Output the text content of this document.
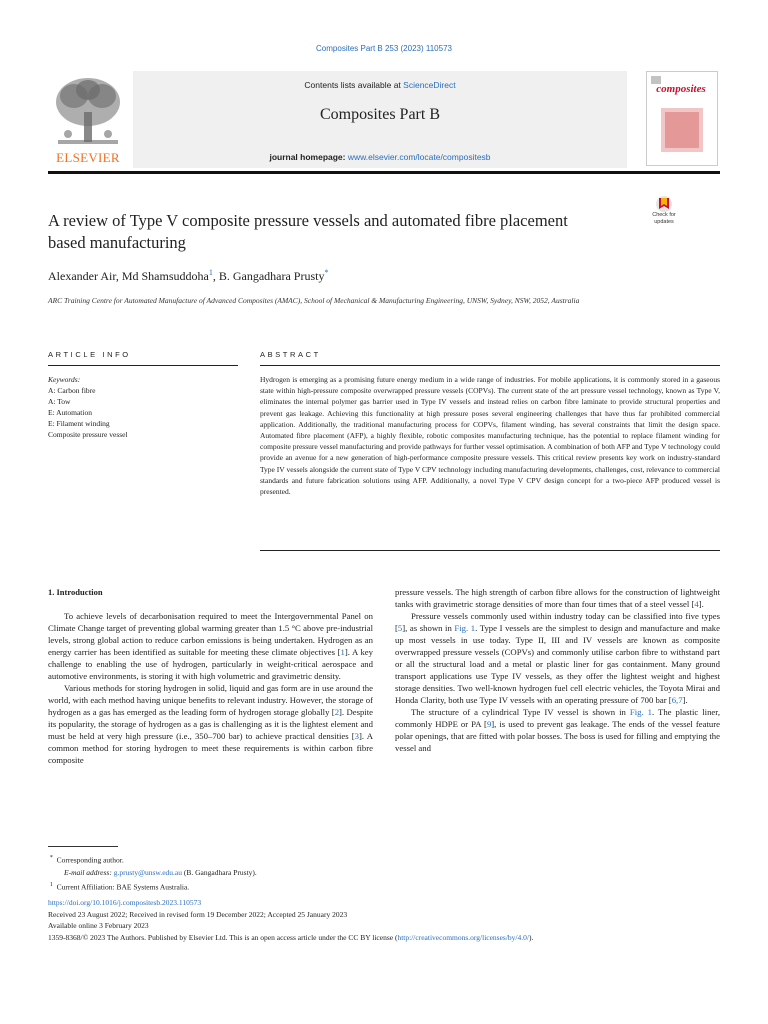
Composites Part B 253 (2023) 110573
ELSEVIER
Contents lists available at ScienceDirect
Composites Part B
journal homepage: www.elsevier.com/locate/compositesb
composites
Check for updates
A review of Type V composite pressure vessels and automated fibre placement based manufacturing
Alexander Air, Md Shamsuddoha$^1$, B. Gangadhara Prusty*
ARC Training Centre for Automated Manufacture of Advanced Composites (AMAC), School of Mechanical & Manufacturing Engineering, UNSW, Sydney, NSW, 2052, Australia
ARTICLE INFO
Keywords:
A: Carbon fibre
A: Tow
E: Automation
E: Filament winding
Composite pressure vessel
ABSTRACT
Hydrogen is emerging as a promising future energy medium in a wide range of industries. For mobile applications, it is commonly stored in a gaseous state within high-pressure composite overwrapped pressure vessels (COPVs). The current state of the art pressure vessel technology, known as Type V, eliminates the internal polymer gas barrier used in Type IV vessels and instead relies on carbon fibre laminate to provide structural properties and prevent gas leakage. Achieving this functionality at high pressure poses several engineering challenges that have thus far prohibited commercial application. Additionally, the traditional manufacturing process for COPVs, filament winding, has several constraints that limit the design space. Automated fibre placement (AFP), a highly flexible, robotic composites manufacturing technique, has the potential to replace filament winding for composite pressure vessel manufacturing and provide pathways for further vessel optimisation. A combination of both AFP and Type V technology could provide an avenue for a new generation of high-performance composite pressure vessels. This critical review presents key work on industry-standard Type IV vessels alongside the current state of Type V CPV technology including manufacturing developments, challenges, cost, relevance to commercial standards and future fabrication solutions using AFP. Additionally, a novel Type V CPV design concept for a two-piece AFP produced vessel is presented.
1. Introduction

To achieve levels of decarbonisation required to meet the Intergovernmental Panel on Climate Change target of preventing global warming greater than 1.5 °C above pre-industrial levels, strong global action to reduce carbon emissions is being undertaken. Hydrogen as an energy carrier has been identified as suitable for meeting these climate objectives [1]. A key challenge to enabling the use of hydrogen, particularly in weight-critical aerospace and automotive environments, is storing it with high volumetric and gravimetric density.

Various methods for storing hydrogen in solid, liquid and gas form are in use around the world, with each method having unique benefits to relevant industry. However, the storage of hydrogen as a gas has emerged as the leading form of hydrogen storage globally [2]. Despite its popularity, the storage of hydrogen as a gas is challenging as it is the lightest element and must be held at very high pressure (i.e., 350–700 bar) to achieve practical densities [3]. A common method for storing hydrogen to meet these requirements is within carbon fibre composite

pressure vessels. The high strength of carbon fibre allows for the construction of lightweight tanks with gravimetric storage densities of more than four times that of a steel vessel [4].

Pressure vessels commonly used within industry today can be classified into five types [5], as shown in Fig. 1. Type I vessels are the simplest to design and manufacture and make up most vessels in use today. Type II, III and IV vessels are known as composite overwrapped pressure vessels (COPVs) and commonly utilise carbon fibre to withstand part or all the structural load and a metal or plastic liner for gas containment. Many ground transport applications use Type IV vessels, as they offer the lightest weight and highest storage densities. Two well-known hydrogen fuel cell electric vehicles, the Toyota Mirai and Honda Clarity, both use Type IV vessels with an operating pressure of 700 bar [6,7].

The structure of a cylindrical Type IV vessel is shown in Fig. 1. The plastic liner, commonly HDPE or PA [9], is used to prevent gas leakage. The ends of the vessel feature polar openings, that are fitted with polar bosses. The boss is used for filling and emptying the vessel and

* Corresponding author.
E-mail address: g.prusty@unsw.edu.au (B. Gangadhara Prusty).
$^1$ Current Affiliation: BAE Systems Australia.
https://doi.org/10.1016/j.compositesb.2023.110573
Received 23 August 2022; Received in revised form 19 December 2022; Accepted 25 January 2023
Available online 3 February 2023
1359-8368/© 2023 The Authors. Published by Elsevier Ltd. This is an open access article under the CC BY license (http://creativecommons.org/licenses/by/4.0/).
